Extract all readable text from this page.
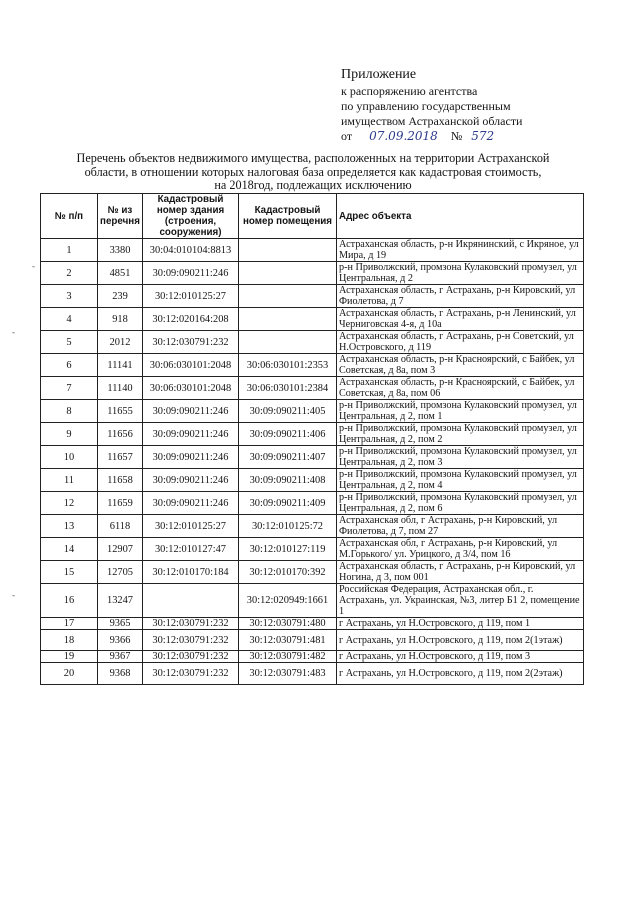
Приложение
к распоряжению агентства
по управлению государственным
имуществом Астраханской области
от 07.09.2018 № 572
Перечень объектов недвижимого имущества, расположенных на территории Астраханской
области, в отношении которых налоговая база определяется как кадастровая стоимость,
на 2018год, подлежащих исключению
№ п/п	№ из перечня	Кадастровый номер здания (строения, сооружения)	Кадастровый номер помещения	Адрес объекта
1	3380	30:04:010104:8813		Астраханская область, р-н Икрянинский, с Икряное, ул Мира, д 19
2	4851	30:09:090211:246		р-н Приволжский, промзона Кулаковский промузел, ул Центральная, д 2
3	239	30:12:010125:27		Астраханская область, г Астрахань, р-н Кировский, ул Фиолетова, д 7
4	918	30:12:020164:208		Астраханская область, г Астрахань, р-н Ленинский, ул Черниговская 4-я, д 10а
5	2012	30:12:030791:232		Астраханская область, г Астрахань, р-н Советский, ул Н.Островского, д 119
6	11141	30:06:030101:2048	30:06:030101:2353	Астраханская область, р-н Красноярский, с Байбек, ул Советская, д 8а, пом 3
7	11140	30:06:030101:2048	30:06:030101:2384	Астраханская область, р-н Красноярский, с Байбек, ул Советская, д 8а, пом 06
8	11655	30:09:090211:246	30:09:090211:405	р-н Приволжский, промзона Кулаковский промузел, ул Центральная, д 2, пом 1
9	11656	30:09:090211:246	30:09:090211:406	р-н Приволжский, промзона Кулаковский промузел, ул Центральная, д 2, пом 2
10	11657	30:09:090211:246	30:09:090211:407	р-н Приволжский, промзона Кулаковский промузел, ул Центральная, д 2, пом 3
11	11658	30:09:090211:246	30:09:090211:408	р-н Приволжский, промзона Кулаковский промузел, ул Центральная, д 2, пом 4
12	11659	30:09:090211:246	30:09:090211:409	р-н Приволжский, промзона Кулаковский промузел, ул Центральная, д 2, пом 6
13	6118	30:12:010125:27	30:12:010125:72	Астраханская обл, г Астрахань, р-н Кировский, ул Фиолетова, д 7, пом 27
14	12907	30:12:010127:47	30:12:010127:119	Астраханская обл, г Астрахань, р-н Кировский, ул М.Горького/ ул. Урицкого, д 3/4, пом 16
15	12705	30:12:010170:184	30:12:010170:392	Астраханская область, г Астрахань, р-н Кировский, ул Ногина, д 3, пом 001
16	13247		30:12:020949:1661	Российская Федерация, Астраханская обл., г. Астрахань, ул. Украинская, №3, литер Б1 2, помещение 1
17	9365	30:12:030791:232	30:12:030791:480	г Астрахань, ул Н.Островского, д 119, пом 1
18	9366	30:12:030791:232	30:12:030791:481	г Астрахань, ул Н.Островского, д 119, пом 2(1этаж)
19	9367	30:12:030791:232	30:12:030791:482	г Астрахань, ул Н.Островского, д 119, пом 3
20	9368	30:12:030791:232	30:12:030791:483	г Астрахань, ул Н.Островского, д 119, пом 2(2этаж)
-
-
-
